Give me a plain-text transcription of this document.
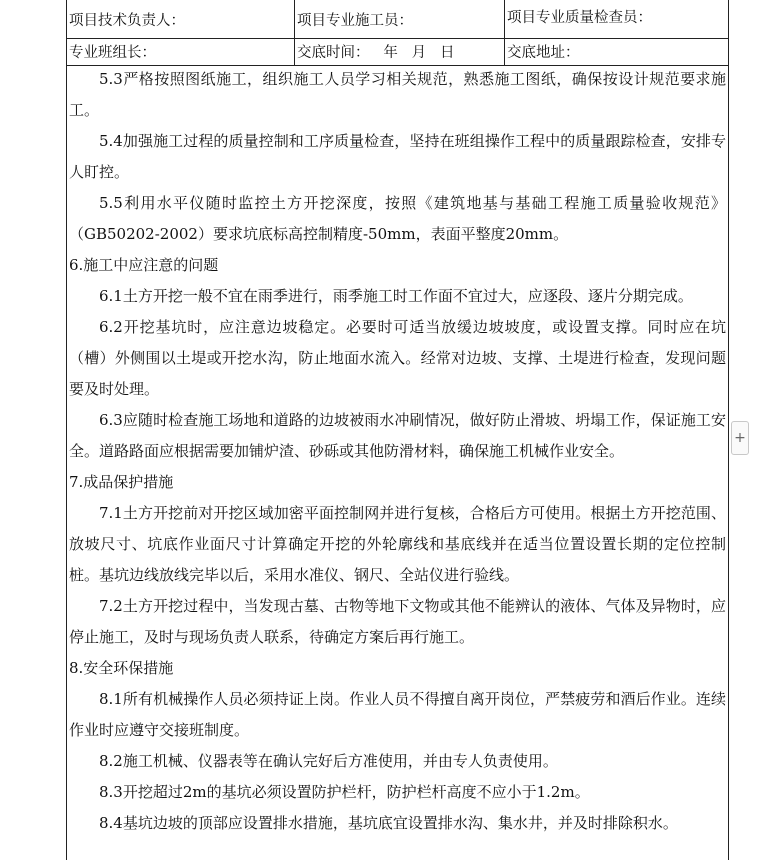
项目技术负责人：	项目专业施工员：	项目专业质量检查员：
专业班组长：	交底时间：   年   月   日	交底地址：

5.3严格按照图纸施工，组织施工人员学习相关规范，熟悉施工图纸，确保按设计规范要求施工。

5.4加强施工过程的质量控制和工序质量检查，坚持在班组操作工程中的质量跟踪检查，安排专人盯控。

5.5利用水平仪随时监控土方开挖深度，按照《建筑地基与基础工程施工质量验收规范》（GB50202-2002）要求坑底标高控制精度-50mm，表面平整度20mm。

6.施工中应注意的问题

6.1土方开挖一般不宜在雨季进行，雨季施工时工作面不宜过大，应逐段、逐片分期完成。

6.2开挖基坑时，应注意边坡稳定。必要时可适当放缓边坡坡度，或设置支撑。同时应在坑（槽）外侧围以土堤或开挖水沟，防止地面水流入。经常对边坡、支撑、土堤进行检查，发现问题要及时处理。

6.3应随时检查施工场地和道路的边坡被雨水冲刷情况，做好防止滑坡、坍塌工作，保证施工安全。道路路面应根据需要加铺炉渣、砂砾或其他防滑材料，确保施工机械作业安全。

7.成品保护措施

7.1土方开挖前对开挖区域加密平面控制网并进行复核，合格后方可使用。根据土方开挖范围、放坡尺寸、坑底作业面尺寸计算确定开挖的外轮廓线和基底线并在适当位置设置长期的定位控制桩。基坑边线放线完毕以后，采用水准仪、钢尺、全站仪进行验线。

7.2土方开挖过程中，当发现古墓、古物等地下文物或其他不能辨认的液体、气体及异物时，应停止施工，及时与现场负责人联系，待确定方案后再行施工。

8.安全环保措施

8.1所有机械操作人员必须持证上岗。作业人员不得擅自离开岗位，严禁疲劳和酒后作业。连续作业时应遵守交接班制度。

8.2施工机械、仪器表等在确认完好后方准使用，并由专人负责使用。

8.3开挖超过2m的基坑必须设置防护栏杆，防护栏杆高度不应小于1.2m。

8.4基坑边坡的顶部应设置排水措施，基坑底宜设置排水沟、集水井，并及时排除积水。

+
